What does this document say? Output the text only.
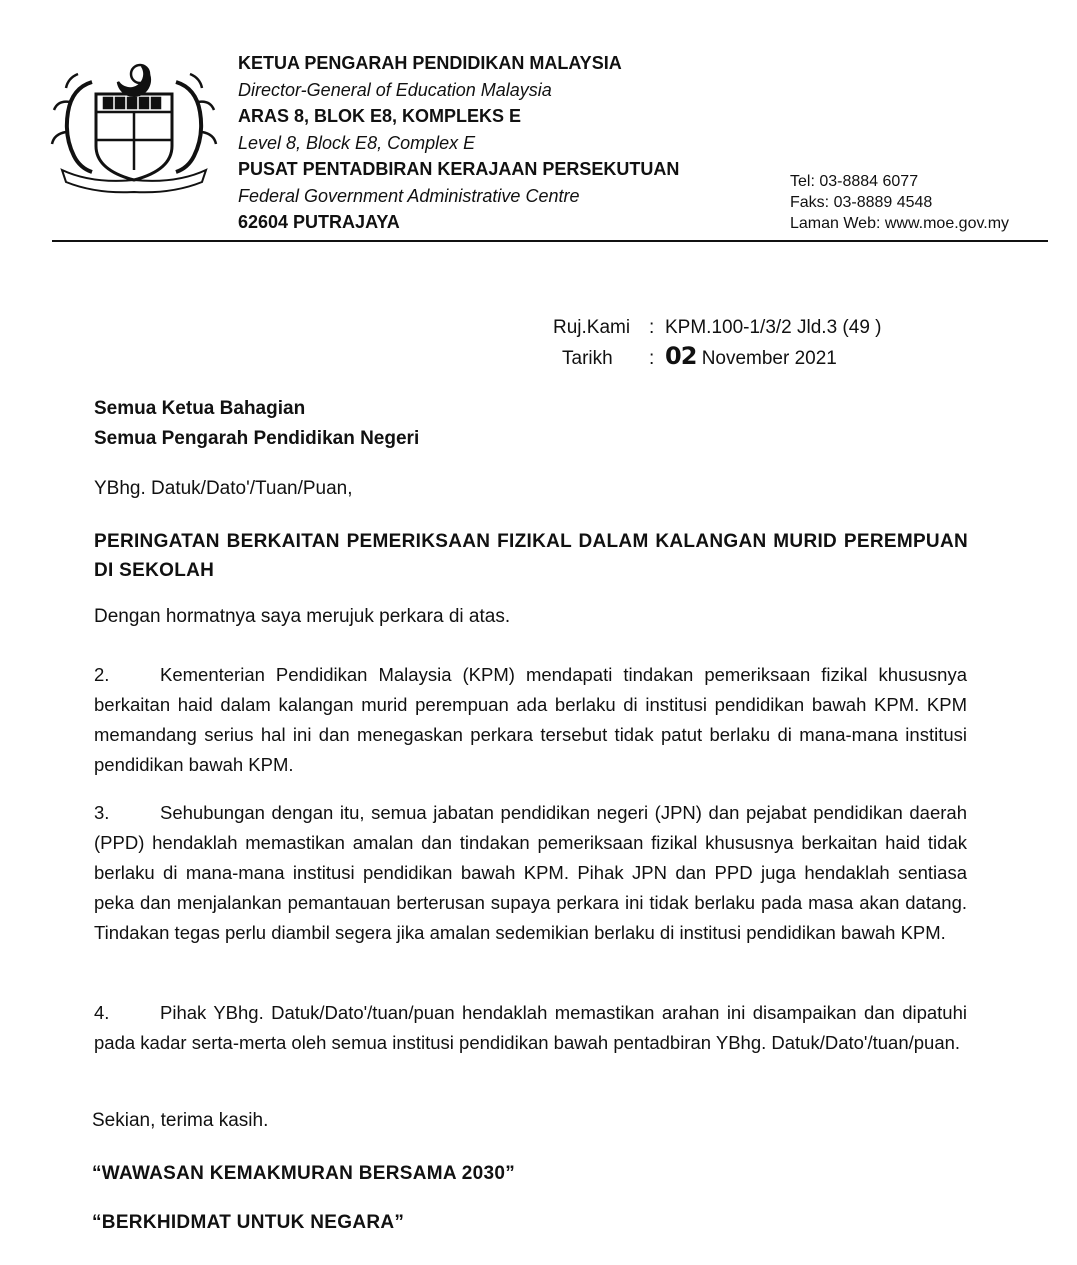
KETUA PENGARAH PENDIDIKAN MALAYSIA
Director-General of Education Malaysia
ARAS 8, BLOK E8, KOMPLEKS E
Level 8, Block E8, Complex E
PUSAT PENTADBIRAN KERAJAAN PERSEKUTUAN
Federal Government Administrative Centre
62604 PUTRAJAYA
Tel: 03-8884 6077
Faks: 03-8889 4548
Laman Web: www.moe.gov.my
Ruj.Kami : KPM.100-1/3/2 Jld.3 (49 )
Tarikh : 02 November 2021
Semua Ketua Bahagian
Semua Pengarah Pendidikan Negeri
YBhg. Datuk/Dato'/Tuan/Puan,
PERINGATAN BERKAITAN PEMERIKSAAN FIZIKAL DALAM KALANGAN MURID PEREMPUAN DI SEKOLAH
Dengan hormatnya saya merujuk perkara di atas.
2.	Kementerian Pendidikan Malaysia (KPM) mendapati tindakan pemeriksaan fizikal khususnya berkaitan haid dalam kalangan murid perempuan ada berlaku di institusi pendidikan bawah KPM. KPM memandang serius hal ini dan menegaskan perkara tersebut tidak patut berlaku di mana-mana institusi pendidikan bawah KPM.
3.	Sehubungan dengan itu, semua jabatan pendidikan negeri (JPN) dan pejabat pendidikan daerah (PPD) hendaklah memastikan amalan dan tindakan pemeriksaan fizikal khususnya berkaitan haid tidak berlaku di mana-mana institusi pendidikan bawah KPM. Pihak JPN dan PPD juga hendaklah sentiasa peka dan menjalankan pemantauan berterusan supaya perkara ini tidak berlaku pada masa akan datang. Tindakan tegas perlu diambil segera jika amalan sedemikian berlaku di institusi pendidikan bawah KPM.
4.	Pihak YBhg. Datuk/Dato'/tuan/puan hendaklah memastikan arahan ini disampaikan dan dipatuhi pada kadar serta-merta oleh semua institusi pendidikan bawah pentadbiran YBhg. Datuk/Dato'/tuan/puan.
Sekian, terima kasih.
“WAWASAN KEMAKMURAN BERSAMA 2030”
“BERKHIDMAT UNTUK NEGARA”
